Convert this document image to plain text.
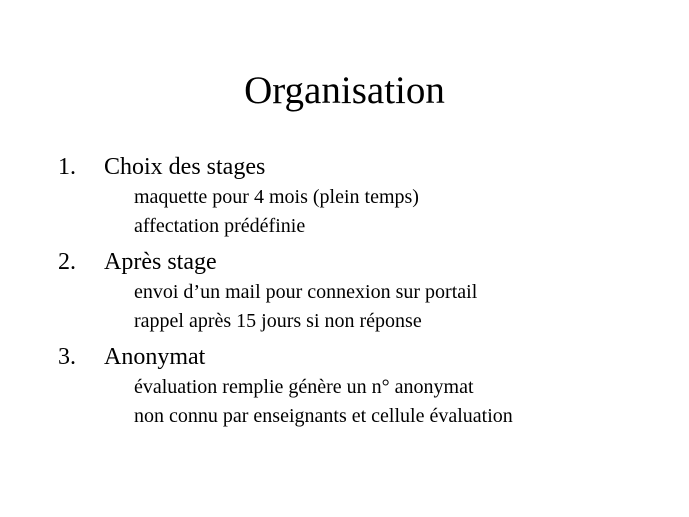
Organisation
1. Choix des stages
maquette pour 4 mois (plein temps)
affectation prédéfinie
2. Après stage
envoi d’un mail pour connexion sur portail
rappel après 15 jours si non réponse
3. Anonymat
évaluation remplie génère un n° anonymat
non connu par enseignants et cellule évaluation
